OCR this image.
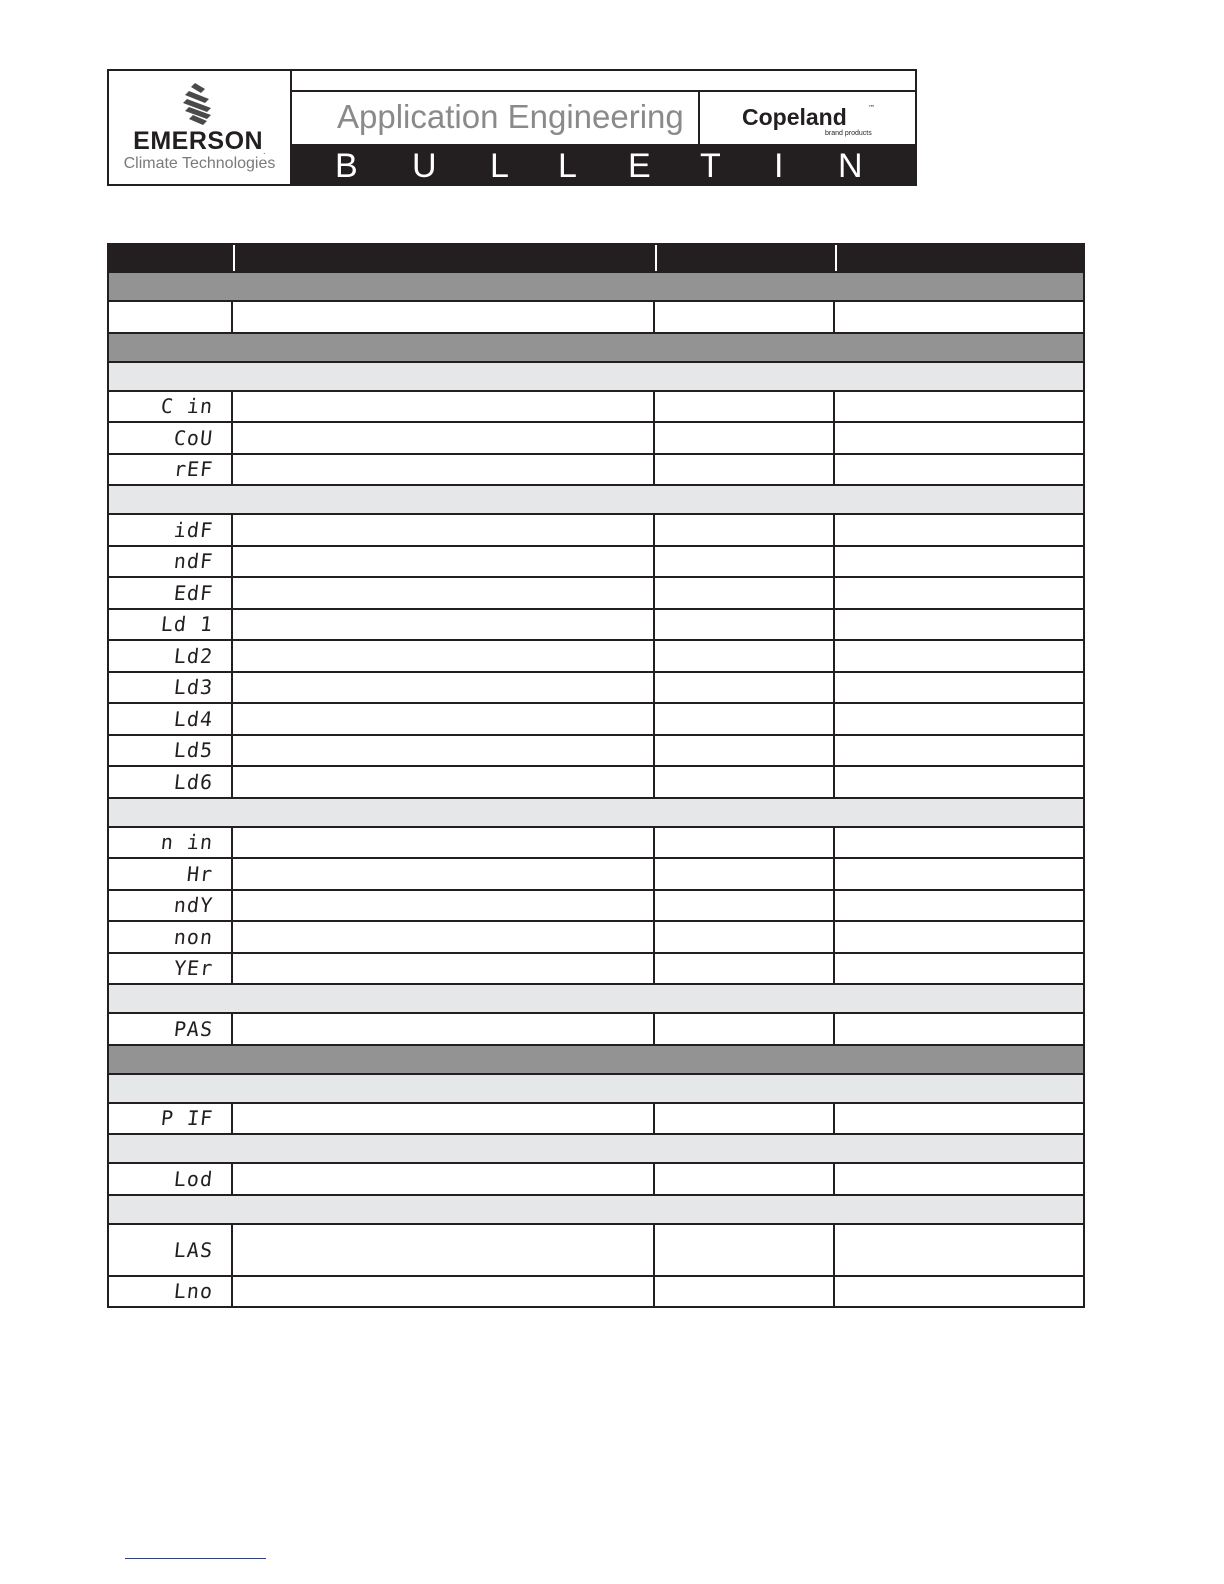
EMERSON.
Climate Technologies
Application Engineering	Copeland	™
brand products
B U L L E T I N
C in
CoU
rEF
idF
ndF
EdF
Ld 1
Ld2
Ld3
Ld4
Ld5
Ld6
n in
Hr
ndY
non
YEr
PAS
P IF
Lod
LAS
Lno
